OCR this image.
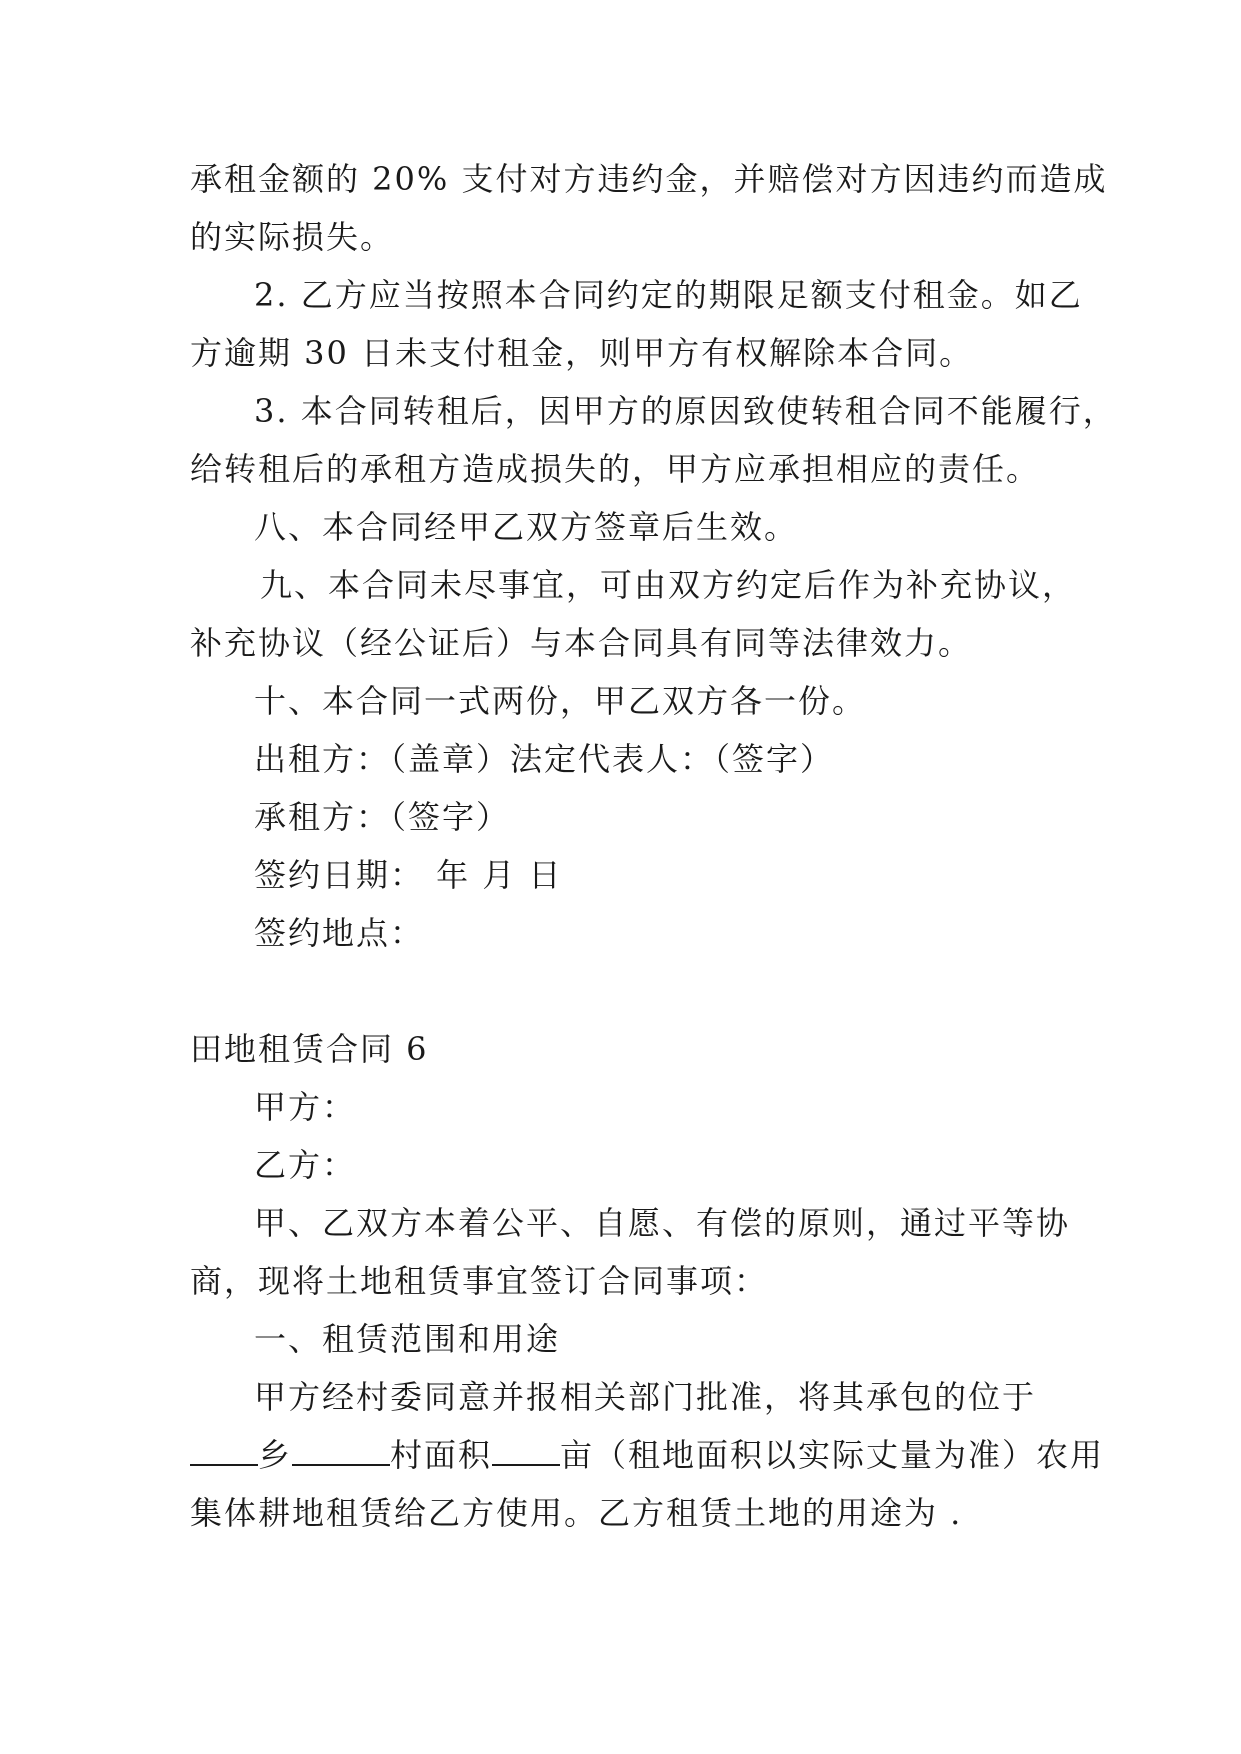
承租金额的 20% 支付对方违约金，并赔偿对方因违约而造成
的实际损失。
2. 乙方应当按照本合同约定的期限足额支付租金。如乙
方逾期 30 日未支付租金，则甲方有权解除本合同。
3. 本合同转租后，因甲方的原因致使转租合同不能履行，
给转租后的承租方造成损失的，甲方应承担相应的责任。
八、本合同经甲乙双方签章后生效。
九、本合同未尽事宜，可由双方约定后作为补充协议，
补充协议（经公证后）与本合同具有同等法律效力。
十、本合同一式两份，甲乙双方各一份。
出租方：（盖章）法定代表人：（签字）
承租方：（签字）
签约日期： 年 月 日
签约地点：
田地租赁合同 6
甲方：
乙方：
甲、乙双方本着公平、自愿、有偿的原则，通过平等协
商，现将土地租赁事宜签订合同事项：
一、租赁范围和用途
甲方经村委同意并报相关部门批准，将其承包的位于
乡	村面积 亩（租地面积以实际丈量为准）农用
集体耕地租赁给乙方使用。乙方租赁土地的用途为 .
